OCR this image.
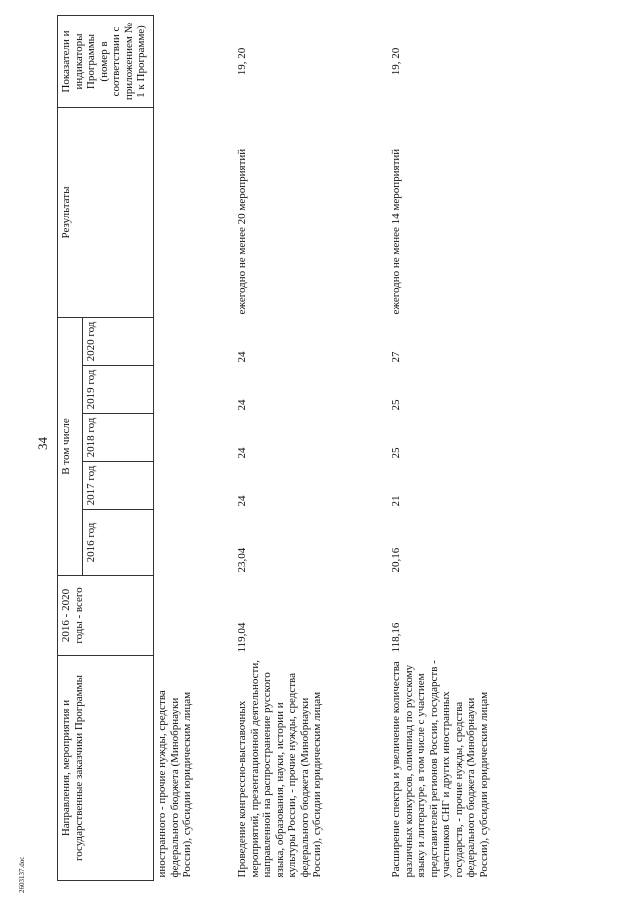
34

Направления, мероприятия и государственные заказчики Программы	2016 - 2020 годы - всего	В том числе					Результаты	Показатели и индикаторы Программы (номер в соответствии с приложением № 1 к Программе)
		2016 год	2017 год	2018 год	2019 год	2020 год		
иностранного - прочие нужды, средства федерального бюджета (Минобрнауки России), субсидии юридическим лицам								
Проведение конгрессно-выставочных мероприятий, презентационной деятельности, направленной на распространение русского языка, образования, науки, истории и культуры России, - прочие нужды, средства федерального бюджета (Минобрнауки России), субсидии юридическим лицам	119,04	23,04	24	24	24	24	ежегодно не менее 20 мероприятий	19, 20
Расширение спектра и увеличение количества различных конкурсов, олимпиад по русскому языку и литературе, в том числе с участием представителей регионов России, государств - участников СНГ и других иностранных государств, - прочие нужды, средства федерального бюджета (Минобрнауки России), субсидии юридическим лицам	118,16	20,16	21	25	25	27	ежегодно не менее 14 мероприятий	19, 20

2603137.doc
